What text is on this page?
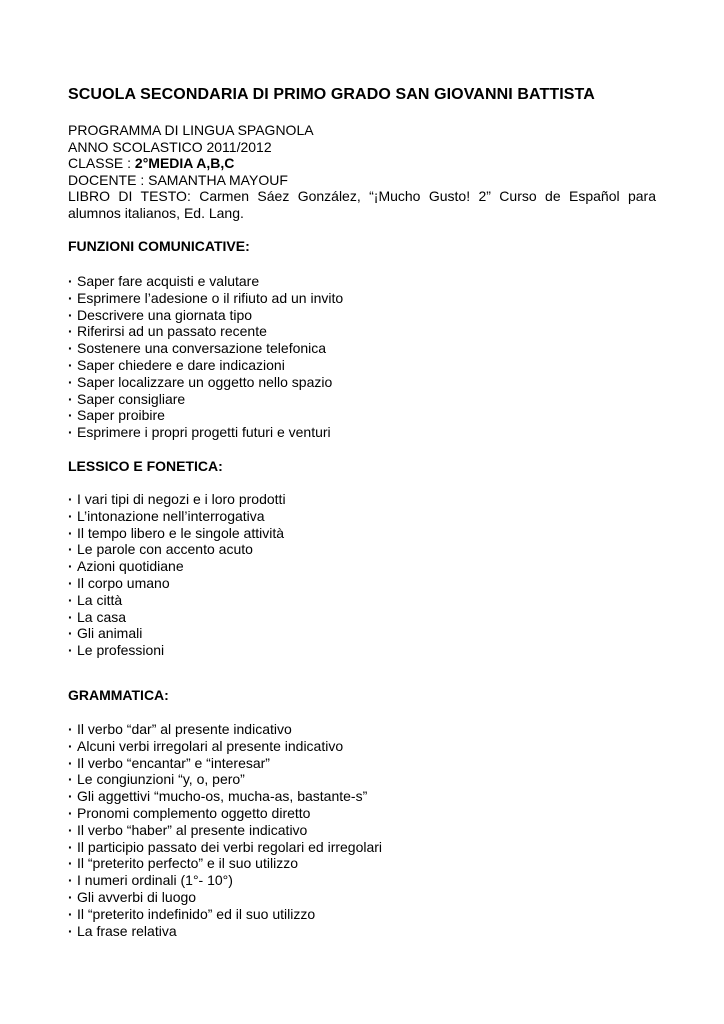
SCUOLA SECONDARIA DI PRIMO GRADO SAN GIOVANNI BATTISTA
PROGRAMMA DI LINGUA SPAGNOLA
ANNO SCOLASTICO 2011/2012
CLASSE : 2°MEDIA A,B,C
DOCENTE : SAMANTHA MAYOUF
LIBRO DI TESTO: Carmen Sáez González, “¡Mucho Gusto! 2” Curso de Español para
alumnos italianos, Ed. Lang.
FUNZIONI COMUNICATIVE:
· Saper fare acquisti e valutare
· Esprimere l’adesione o il rifiuto ad un invito
· Descrivere una giornata tipo
· Riferirsi ad un passato recente
· Sostenere una conversazione telefonica
· Saper chiedere e dare indicazioni
· Saper localizzare un oggetto nello spazio
· Saper consigliare
· Saper proibire
· Esprimere i propri progetti futuri e venturi
LESSICO E FONETICA:
· I vari tipi di negozi e i loro prodotti
· L’intonazione nell’interrogativa
· Il tempo libero e le singole attività
· Le parole con accento acuto
· Azioni quotidiane
· Il corpo umano
· La città
· La casa
· Gli animali
· Le professioni
GRAMMATICA:
· Il verbo “dar” al presente indicativo
· Alcuni verbi irregolari al presente indicativo
· Il verbo “encantar” e “interesar”
· Le congiunzioni “y, o, pero”
· Gli aggettivi “mucho-os, mucha-as, bastante-s”
· Pronomi complemento oggetto diretto
· Il verbo “haber” al presente indicativo
· Il participio passato dei verbi regolari ed irregolari
· Il “preterito perfecto” e il suo utilizzo
· I numeri ordinali (1°- 10°)
· Gli avverbi di luogo
· Il “preterito indefinido” ed il suo utilizzo
· La frase relativa
